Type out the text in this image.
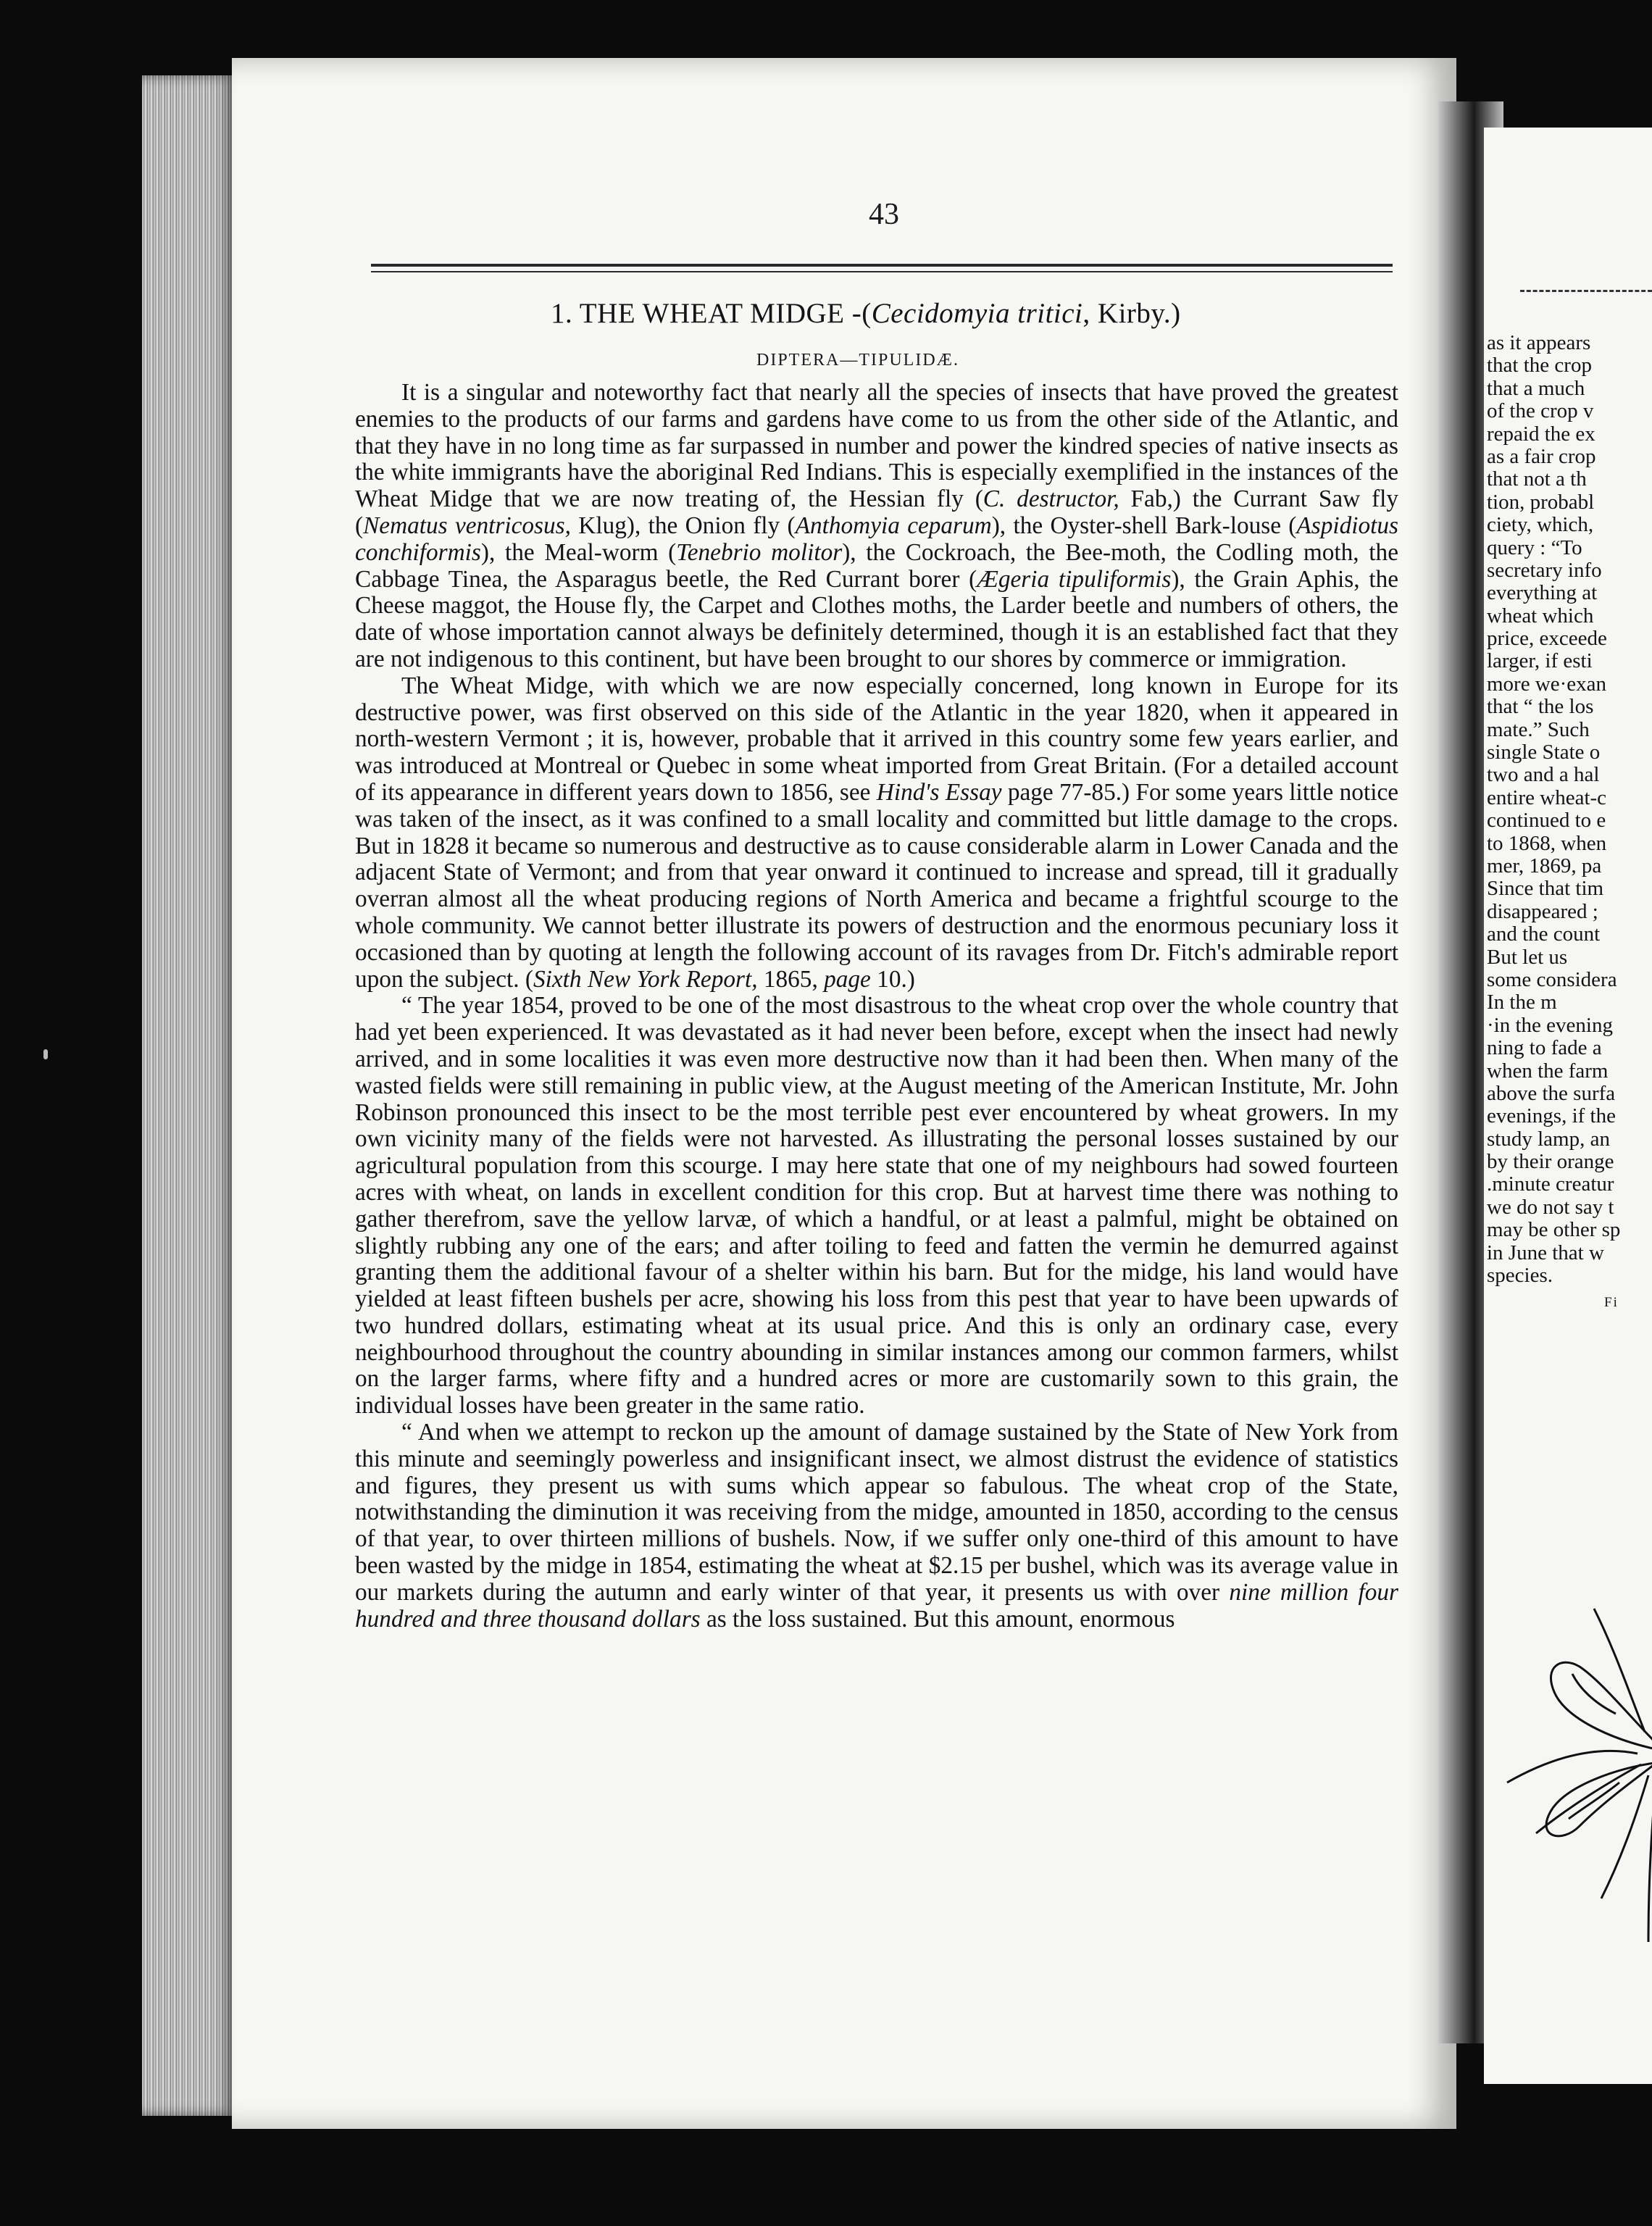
43
1. THE WHEAT MIDGE -(Cecidomyia tritici, Kirby.)
DIPTERA—TIPULIDÆ.

It is a singular and noteworthy fact that nearly all the species of insects that have proved the greatest enemies to the products of our farms and gardens have come to us from the other side of the Atlantic, and that they have in no long time as far surpassed in number and power the kindred species of native insects as the white immigrants have the aboriginal Red Indians. This is especially exemplified in the instances of the Wheat Midge that we are now treating of, the Hessian fly (C. destructor, Fab,) the Currant Saw fly (Nematus ventricosus, Klug), the Onion fly (Anthomyia ceparum), the Oyster-shell Bark-louse (Aspidiotus conchiformis), the Meal-worm (Tenebrio molitor), the Cockroach, the Bee-moth, the Codling moth, the Cabbage Tinea, the Asparagus beetle, the Red Currant borer (Ægeria tipuliformis), the Grain Aphis, the Cheese maggot, the House fly, the Carpet and Clothes moths, the Larder beetle and numbers of others, the date of whose importation cannot always be definitely determined, though it is an established fact that they are not indigenous to this continent, but have been brought to our shores by commerce or immigration.

The Wheat Midge, with which we are now especially concerned, long known in Europe for its destructive power, was first observed on this side of the Atlantic in the year 1820, when it appeared in north-western Vermont ; it is, however, probable that it arrived in this country some few years earlier, and was introduced at Montreal or Quebec in some wheat imported from Great Britain. (For a detailed account of its appearance in different years down to 1856, see Hind's Essay page 77-85.) For some years little notice was taken of the insect, as it was confined to a small locality and committed but little damage to the crops. But in 1828 it became so numerous and destructive as to cause considerable alarm in Lower Canada and the adjacent State of Vermont; and from that year onward it continued to increase and spread, till it gradually overran almost all the wheat producing regions of North America and became a frightful scourge to the whole community. We cannot better illustrate its powers of destruction and the enormous pecuniary loss it occasioned than by quoting at length the following account of its ravages from Dr. Fitch's admirable report upon the subject. (Sixth New York Report, 1865, page 10.)

“ The year 1854, proved to be one of the most disastrous to the wheat crop over the whole country that had yet been experienced. It was devastated as it had never been before, except when the insect had newly arrived, and in some localities it was even more destructive now than it had been then. When many of the wasted fields were still remaining in public view, at the August meeting of the American Institute, Mr. John Robinson pronounced this insect to be the most terrible pest ever encountered by wheat growers. In my own vicinity many of the fields were not harvested. As illustrating the personal losses sustained by our agricultural population from this scourge. I may here state that one of my neighbours had sowed fourteen acres with wheat, on lands in excellent condition for this crop. But at harvest time there was nothing to gather therefrom, save the yellow larvæ, of which a handful, or at least a palmful, might be obtained on slightly rubbing any one of the ears; and after toiling to feed and fatten the vermin he demurred against granting them the additional favour of a shelter within his barn. But for the midge, his land would have yielded at least fifteen bushels per acre, showing his loss from this pest that year to have been upwards of two hundred dollars, estimating wheat at its usual price. And this is only an ordinary case, every neighbourhood throughout the country abounding in similar instances among our common farmers, whilst on the larger farms, where fifty and a hundred acres or more are customarily sown to this grain, the individual losses have been greater in the same ratio.

“ And when we attempt to reckon up the amount of damage sustained by the State of New York from this minute and seemingly powerless and insignificant insect, we almost distrust the evidence of statistics and figures, they present us with sums which appear so fabulous. The wheat crop of the State, notwithstanding the diminution it was receiving from the midge, amounted in 1850, according to the census of that year, to over thirteen millions of bushels. Now, if we suffer only one-third of this amount to have been wasted by the midge in 1854, estimating the wheat at $2.15 per bushel, which was its average value in our markets during the autumn and early winter of that year, it presents us with over nine million four hundred and three thousand dollars as the loss sustained. But this amount, enormous

as it appears
that the crop
that a much
of the crop v
repaid the ex
as a fair crop
that not a th
tion, probabl
ciety, which,
query : “To
secretary info
everything at
wheat which
price, exceede
larger, if esti
more we·exan
that “ the los
mate.” Such
single State o
two and a hal
entire wheat-c
continued to e
to 1868, when
mer, 1869, pa
Since that tim
disappeared ;
and the count
But let us
some considera
In the m
·in the evening
ning to fade a
when the farm
above the surfa
evenings, if the
study lamp, an
by their orange
.minute creatur
we do not say t
may be other sp
in June that w
species.
Fi
